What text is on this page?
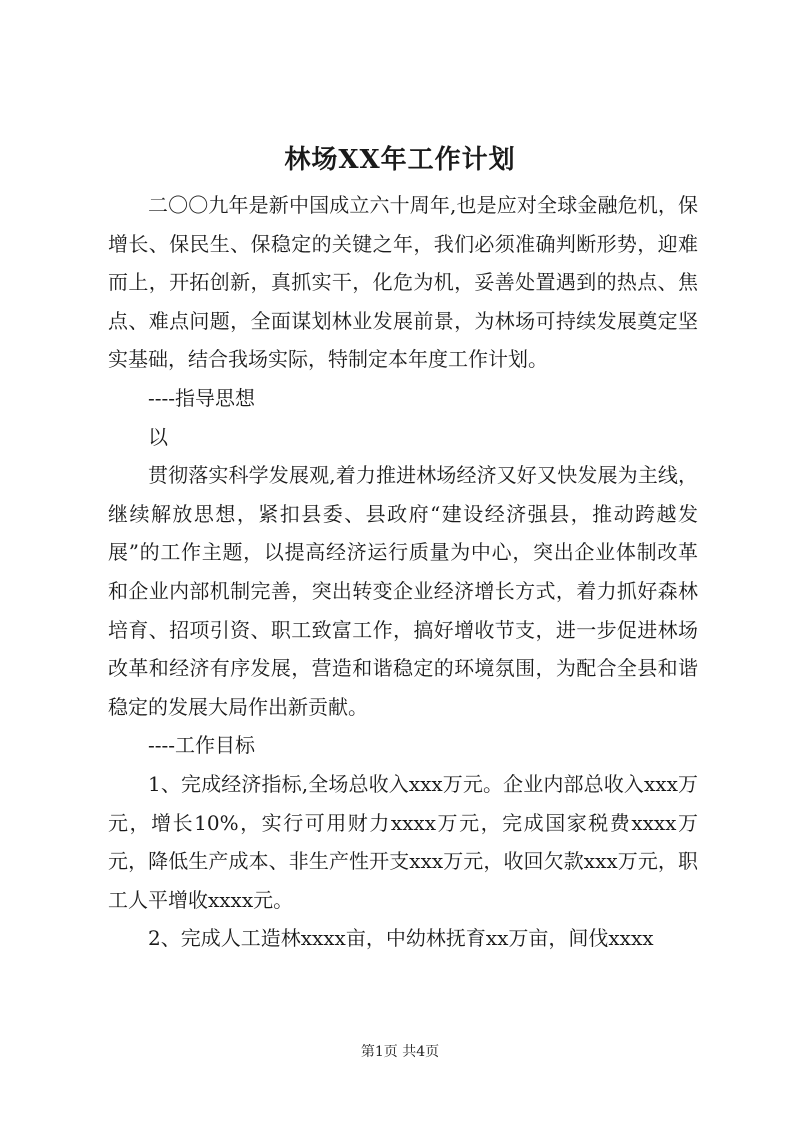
林场XX年工作计划

二〇〇九年是新中国成立六十周年,也是应对全球金融危机，保增长、保民生、保稳定的关键之年，我们必须准确判断形势，迎难而上，开拓创新，真抓实干，化危为机，妥善处置遇到的热点、焦点、难点问题，全面谋划林业发展前景，为林场可持续发展奠定坚实基础，结合我场实际，特制定本年度工作计划。

----指导思想

以

贯彻落实科学发展观,着力推进林场经济又好又快发展为主线，继续解放思想，紧扣县委、县政府“建设经济强县，推动跨越发展”的工作主题，以提高经济运行质量为中心，突出企业体制改革和企业内部机制完善，突出转变企业经济增长方式，着力抓好森林培育、招项引资、职工致富工作，搞好增收节支，进一步促进林场改革和经济有序发展，营造和谐稳定的环境氛围，为配合全县和谐稳定的发展大局作出新贡献。

----工作目标

1、完成经济指标,全场总收入xxx万元。企业内部总收入xxx万元，增长10%，实行可用财力xxxx万元，完成国家税费xxxx万元，降低生产成本、非生产性开支xxx万元，收回欠款xxx万元，职工人平增收xxxx元。

2、完成人工造林xxxx亩，中幼林抚育xx万亩，间伐xxxx

第1页 共4页
